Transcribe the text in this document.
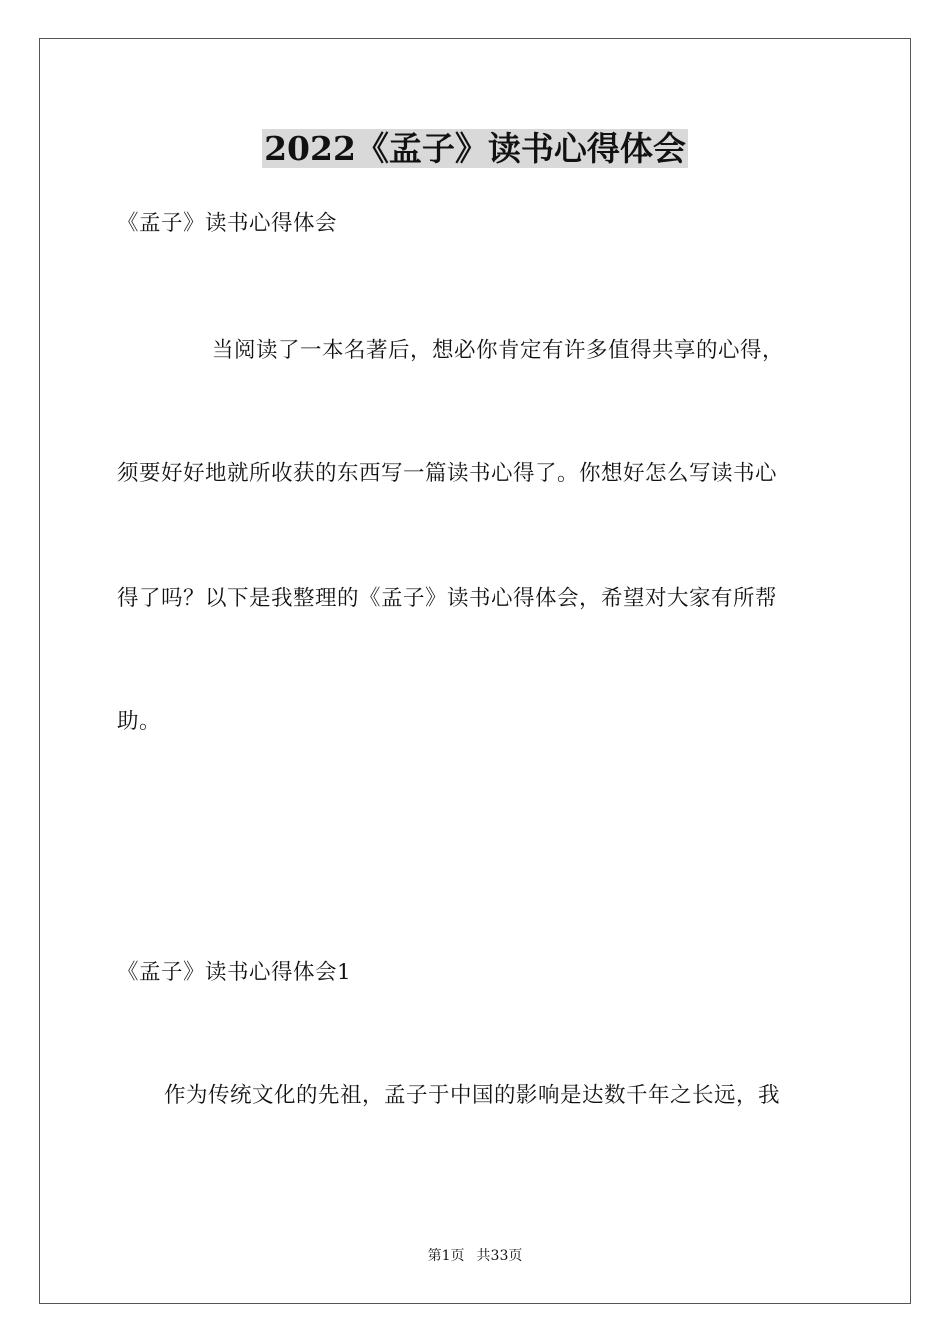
2022《孟子》读书心得体会

《孟子》读书心得体会

当阅读了一本名著后，想必你肯定有许多值得共享的心得，

须要好好地就所收获的东西写一篇读书心得了。你想好怎么写读书心

得了吗？以下是我整理的《孟子》读书心得体会，希望对大家有所帮

助。

《孟子》读书心得体会1

作为传统文化的先祖，孟子于中国的影响是达数千年之长远，我

第1页 共33页
